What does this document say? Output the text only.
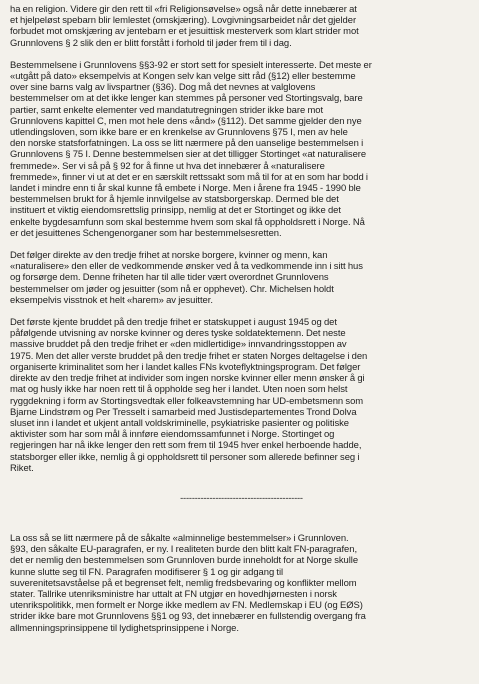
ha en religion. Videre gir den rett til «fri Religionsøvelse» også når dette innebærer at
et hjelpeløst spebarn blir lemlestet (omskjæring). Lovgivningsarbeidet når det gjelder
forbudet mot omskjæring av jentebarn er et jesuittisk mesterverk som klart strider mot
Grunnlovens § 2 slik den er blitt forstått i forhold til jøder frem til i dag.

Bestemmelsene i Grunnlovens §§3-92 er stort sett for spesielt interesserte. Det meste er
«utgått på dato» eksempelvis at Kongen selv kan velge sitt råd (§12) eller bestemme
over sine barns valg av livspartner (§36). Dog må det nevnes at valglovens
bestemmelser om at det ikke lenger kan stemmes på personer ved Stortingsvalg, bare
partier, samt enkelte elementer ved mandatutregningen strider ikke bare mot
Grunnlovens kapittel C, men mot hele dens «ånd» (§112). Det samme gjelder den nye
utlendingsloven, som ikke bare er en krenkelse av Grunnlovens §75 I, men av hele
den norske statsforfatningen. La oss se litt nærmere på den uanselige bestemmelsen i
Grunnlovens § 75 I. Denne bestemmelsen sier at det tilligger Stortinget «at naturalisere
fremmede». Ser vi så på § 92 for å finne ut hva det innebærer å «naturalisere
fremmede», finner vi ut at det er en særskilt rettssakt som må til for at en som har bodd i
landet i mindre enn ti år skal kunne få embete i Norge. Men i årene fra 1945 - 1990 ble
bestemmelsen brukt for å hjemle innvilgelse av statsborgerskap. Dermed ble det
instituert et viktig eiendomsrettslig prinsipp, nemlig at det er Stortinget og ikke det
enkelte bygdesamfunn som skal bestemme hvem som skal få oppholdsrett i Norge. Nå
er det jesuittenes Schengenorganer som har bestemmelsesretten.

Det følger direkte av den tredje frihet at norske borgere, kvinner og menn, kan
«naturalisere» den eller de vedkommende ønsker ved å ta vedkommende inn i sitt hus
og forsørge dem. Denne friheten har til alle tider vært overordnet Grunnlovens
bestemmelser om jøder og jesuitter (som nå er opphevet). Chr. Michelsen holdt
eksempelvis visstnok et helt «harem» av jesuitter.

Det første kjente bruddet på den tredje frihet er statskuppet i august 1945 og det
påfølgende utvisning av norske kvinner og deres tyske soldatektemenn. Det neste
massive bruddet på den tredje frihet er «den midlertidige» innvandringsstoppen av
1975. Men det aller verste bruddet på den tredje frihet er staten Norges deltagelse i den
organiserte kriminalitet som her i landet kalles FNs kvoteflyktningsprogram. Det følger
direkte av den tredje frihet at individer som ingen norske kvinner eller menn ønsker å gi
mat og husly ikke har noen rett til å oppholde seg her i landet. Uten noen som helst
ryggdekning i form av Stortingsvedtak eller folkeavstemning har UD-embetsmenn som
Bjarne Lindstrøm og Per Tresselt i samarbeid med Justisdepartementes Trond Dolva
sluset inn i landet et ukjent antall voldskriminelle, psykiatriske pasienter og politiske
aktivister som har som mål å innføre eiendomssamfunnet i Norge. Stortinget og
regjeringen har nå ikke lenger den rett som frem til 1945 hver enkel herboende hadde,
statsborger eller ikke, nemlig å gi oppholdsrett til personer som allerede befinner seg i
Riket.

------------------------------------------

La oss så se litt nærmere på de såkalte «alminnelige bestemmelser» i Grunnloven.
§93, den såkalte EU-paragrafen, er ny. I realiteten burde den blitt kalt FN-paragrafen,
det er nemlig den bestemmelsen som Grunnloven burde inneholdt for at Norge skulle
kunne slutte seg til FN. Paragrafen modifiserer § 1 og gir adgang til
suverenitetsavståelse på et begrenset felt, nemlig fredsbevaring og konflikter mellom
stater. Tallrike utenriksministre har uttalt at FN utgjør en hovedhjørnesten i norsk
utenrikspolitikk, men formelt er Norge ikke medlem av FN. Medlemskap i EU (og EØS)
strider ikke bare mot Grunnlovens §§1 og 93, det innebærer en fullstendig overgang fra
allmenningsprinsippene til lydighetsprinsippene i Norge.
